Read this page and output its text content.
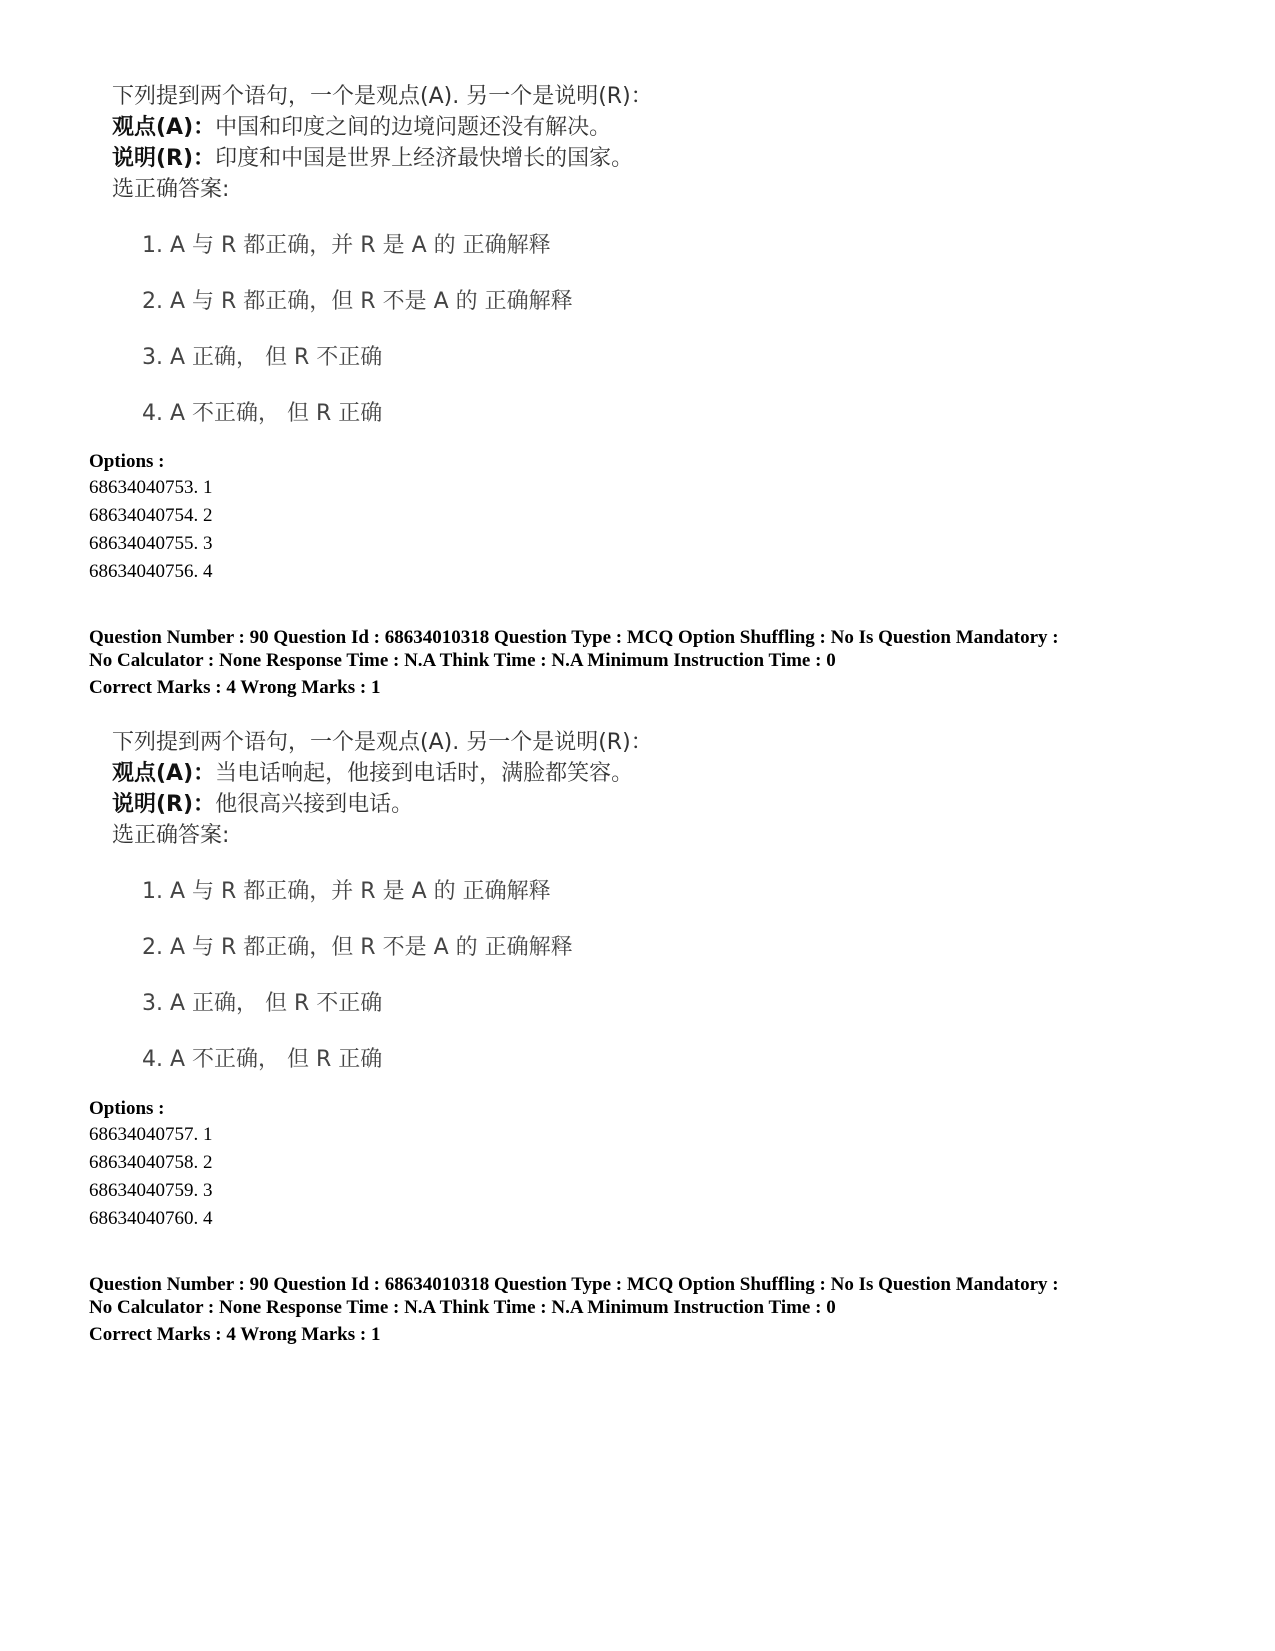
下列提到两个语句，一个是观点(A). 另一个是说明(R)：
观点(A)：中国和印度之间的边境问题还没有解决。
说明(R)：印度和中国是世界上经济最快增长的国家。
选正确答案:
1. A 与 R 都正确，并 R 是 A 的 正确解释
2. A 与 R 都正确，但 R 不是 A 的 正确解释
3. A 正确， 但 R 不正确
4. A 不正确， 但 R 正确
Options :
68634040753. 1
68634040754. 2
68634040755. 3
68634040756. 4
Question Number : 90 Question Id : 68634010318 Question Type : MCQ Option Shuffling : No Is Question Mandatory :
No Calculator : None Response Time : N.A Think Time : N.A Minimum Instruction Time : 0
Correct Marks : 4 Wrong Marks : 1
下列提到两个语句，一个是观点(A). 另一个是说明(R)：
观点(A)：当电话响起，他接到电话时，满脸都笑容。
说明(R)：他很高兴接到电话。
选正确答案:
1. A 与 R 都正确，并 R 是 A 的 正确解释
2. A 与 R 都正确，但 R 不是 A 的 正确解释
3. A 正确， 但 R 不正确
4. A 不正确， 但 R 正确
Options :
68634040757. 1
68634040758. 2
68634040759. 3
68634040760. 4
Question Number : 90 Question Id : 68634010318 Question Type : MCQ Option Shuffling : No Is Question Mandatory :
No Calculator : None Response Time : N.A Think Time : N.A Minimum Instruction Time : 0
Correct Marks : 4 Wrong Marks : 1
